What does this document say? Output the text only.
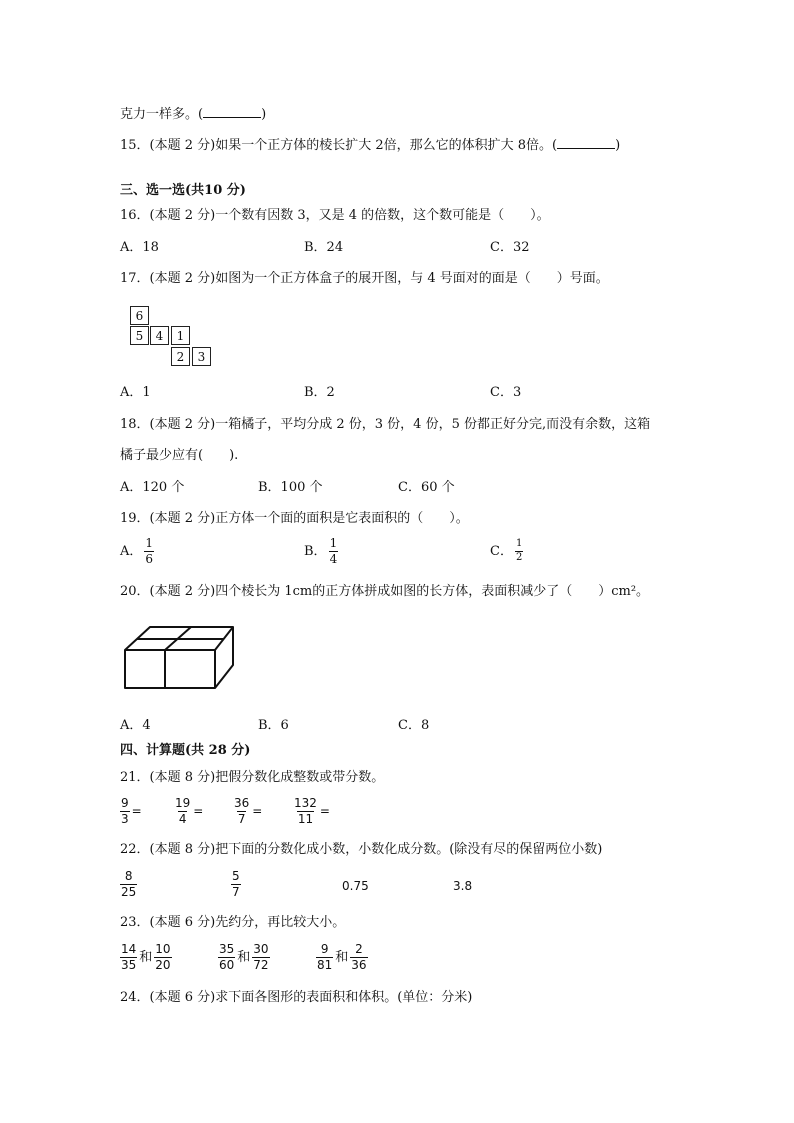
克力一样多。(	)
15．(本题 2 分)如果一个正方体的棱长扩大 2倍，那么它的体积扩大 8倍。(	)
三、选一选(共10 分)
16．(本题 2 分)一个数有因数 3，又是 4 的倍数，这个数可能是（　　）。
A．18	B．24	C．32
17．(本题 2 分)如图为一个正方体盒子的展开图，与 4 号面对的面是（　　）号面。
6
5	4	1
2	3
A．1	B．2	C．3
18．(本题 2 分)一箱橘子，平均分成 2 份，3 份，4 份，5 份都正好分完,而没有余数，这箱
橘子最少应有(　　).
A．120 个	B．100 个	C．60 个
19．(本题 2 分)正方体一个面的面积是它表面积的（　　）。
A． $\frac{1}{6}$	B． $\frac{1}{4}$	C． $\frac{1}{2}$
20．(本题 2 分)四个棱长为 1cm的正方体拼成如图的长方体，表面积减少了（　　）cm²。
A．4	B．6	C．8
四、计算题(共 28 分)
21．(本题 8 分)把假分数化成整数或带分数。
$\frac{9}{3}$ =	$\frac{19}{4} = \frac{36}{7}$ =	$\frac{132}{11}$ =
22．(本题 8 分)把下面的分数化成小数，小数化成分数。(除没有尽的保留两位小数)
$\frac{8}{25}$	$\frac{5}{7}$	0.75	3.8
23．(本题 6 分)先约分，再比较大小。
$\frac{14}{35}$ 和 $\frac{10}{20}$	$\frac{35}{60}$ 和 $\frac{30}{72}$	$\frac{9}{81}$ 和 $\frac{2}{36}$
24．(本题 6 分)求下面各图形的表面积和体积。(单位：分米)
